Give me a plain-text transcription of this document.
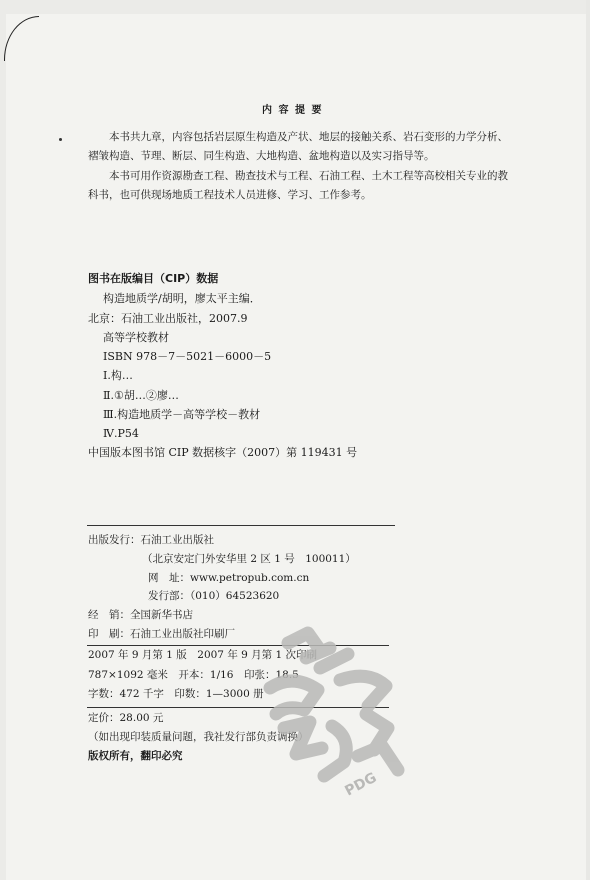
内 容 提 要
本书共九章，内容包括岩层原生构造及产状、地层的接触关系、岩石变形的力学分析、
褶皱构造、节理、断层、同生构造、大地构造、盆地构造以及实习指导等。
本书可用作资源勘查工程、勘查技术与工程、石油工程、土木工程等高校相关专业的教
科书，也可供现场地质工程技术人员进修、学习、工作参考。
图书在版编目（CIP）数据
构造地质学/胡明，廖太平主编．
北京：石油工业出版社，2007.9
高等学校教材
ISBN 978－7－5021－6000－5
Ⅰ.构…
Ⅱ.①胡…②廖…
Ⅲ.构造地质学－高等学校－教材
Ⅳ.P54
中国版本图书馆 CIP 数据核字（2007）第 119431 号
出版发行：石油工业出版社
（北京安定门外安华里 2 区 1 号　100011）
网　址：www.petropub.com.cn
发行部：（010）64523620
经　销：全国新华书店
印　刷：石油工业出版社印刷厂
2007 年 9 月第 1 版　2007 年 9 月第 1 次印刷
787×1092 毫米　开本：1/16　印张：18.5
字数：472 千字　印数：1—3000 册
定价：28.00 元
（如出现印装质量问题，我社发行部负责调换）
版权所有，翻印必究
PDG
